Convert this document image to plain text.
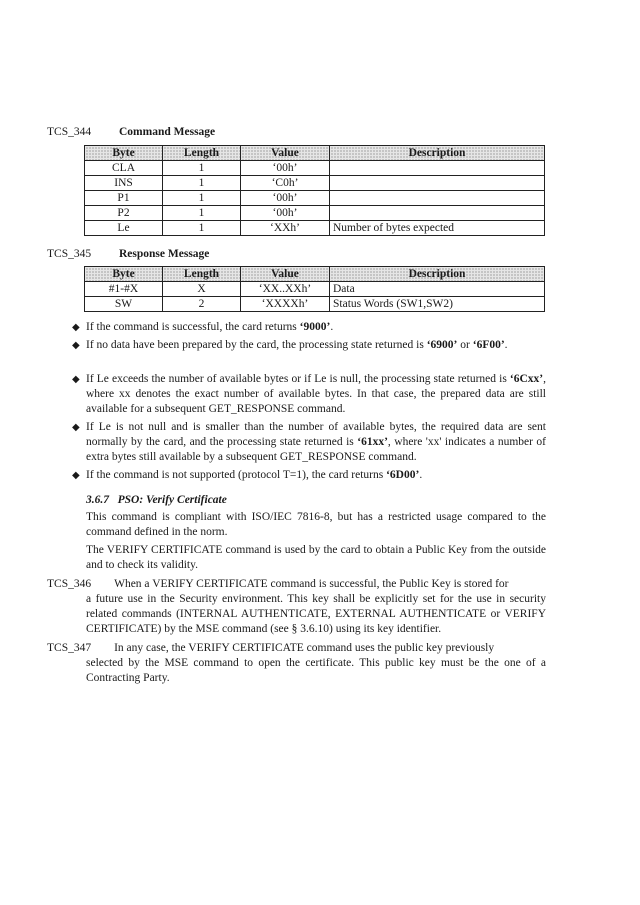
TCS_344 Command Message
Byte	Length	Value	Description
CLA	1	‘00h’	
INS	1	‘C0h’	
P1	1	‘00h’	
P2	1	‘00h’	
Le	1	‘XXh’	Number of bytes expected
TCS_345 Response Message
Byte	Length	Value	Description
#1-#X	X	‘XX..XXh’	Data
SW	2	‘XXXXh’	Status Words (SW1,SW2)
◆ If the command is successful, the card returns ‘9000’.
◆ If no data have been prepared by the card, the processing state returned is ‘6900’ or ‘6F00’.
◆ If Le exceeds the number of available bytes or if Le is null, the processing state returned is ‘6Cxx’, where xx denotes the exact number of available bytes. In that case, the prepared data are still available for a subsequent GET_RESPONSE command.
◆ If Le is not null and is smaller than the number of available bytes, the required data are sent normally by the card, and the processing state returned is ‘61xx’, where 'xx' indicates a number of extra bytes still available by a subsequent GET_RESPONSE command.
◆ If the command is not supported (protocol T=1), the card returns ‘6D00’.
3.6.7 PSO: Verify Certificate
This command is compliant with ISO/IEC 7816-8, but has a restricted usage compared to the command defined in the norm.
The VERIFY CERTIFICATE command is used by the card to obtain a Public Key from the outside and to check its validity.
TCS_346 When a VERIFY CERTIFICATE command is successful, the Public Key is stored for
a future use in the Security environment. This key shall be explicitly set for the use in security related commands (INTERNAL AUTHENTICATE, EXTERNAL AUTHENTICATE or VERIFY CERTIFICATE) by the MSE command (see § 3.6.10) using its key identifier.
TCS_347 In any case, the VERIFY CERTIFICATE command uses the public key previously
selected by the MSE command to open the certificate. This public key must be the one of a Contracting Party.
